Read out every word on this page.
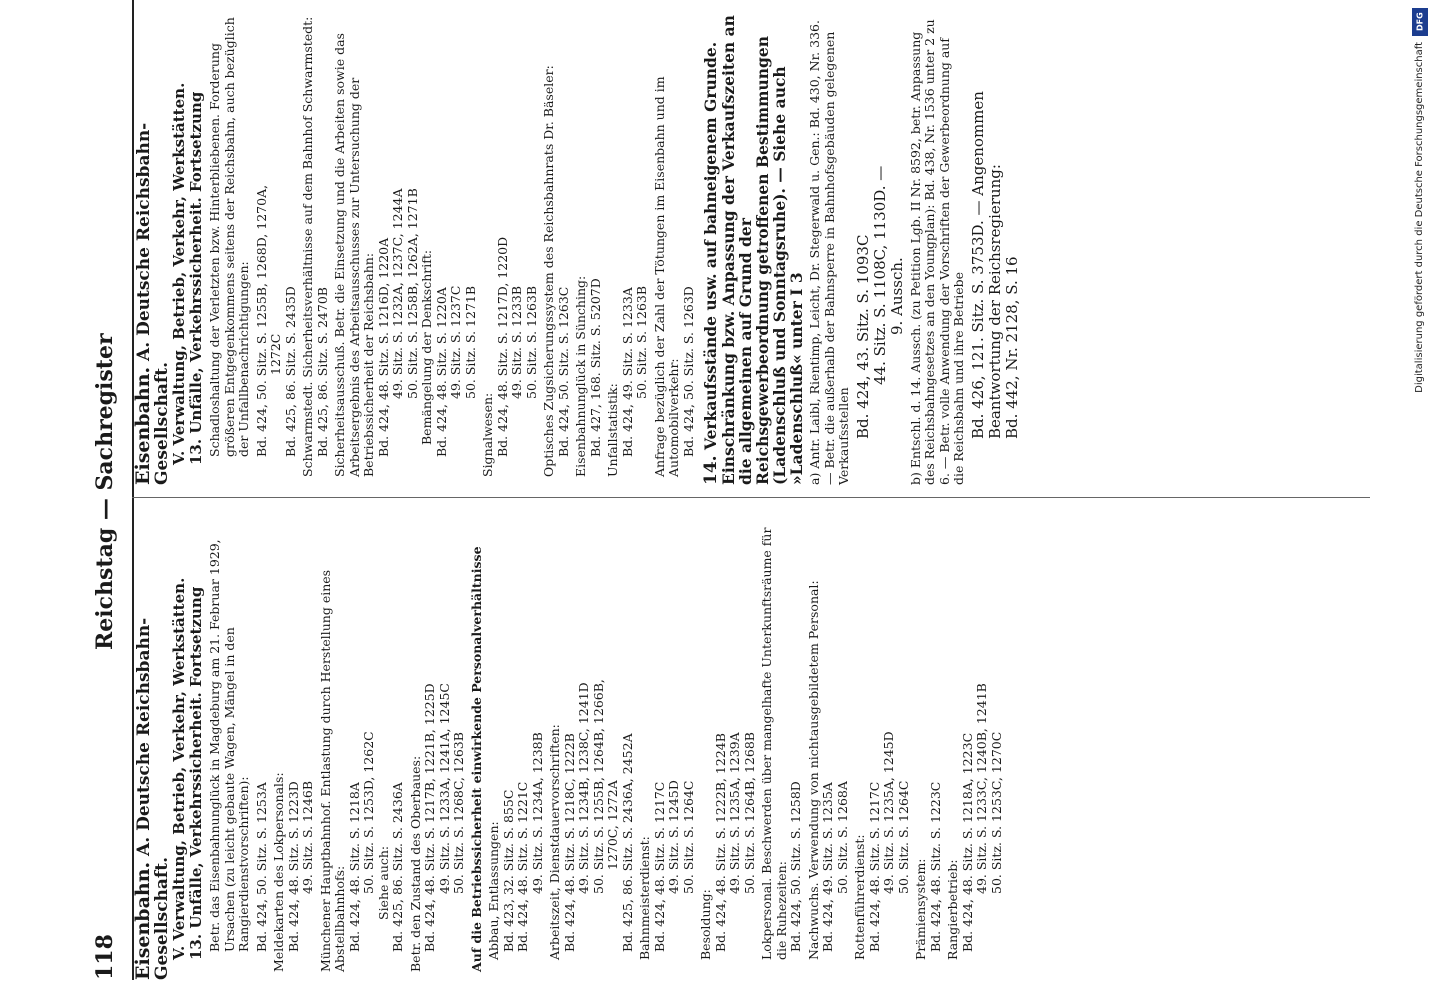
118
Reichstag — Sachregister
Eisenbahn. A. Deutsche Reichsbahn-Gesellschaft.
V. Verwaltung, Betrieb, Verkehr, Werkstätten. 13. Unfälle, Verkehrssicherheit. Fortsetzung Betr. das Eisenbahnunglück in Magdeburg am 21. Februar 1929, Ursachen (zu leicht gebaute Wagen, Mängel in den Rangierdienstvorschriften): Bd. 424, 50. Sitz. S. 1253A Meldekarten des Lokpersonals: Bd. 424, 48. Sitz. S. 1223D 49. Sitz. S. 1246B Münchener Hauptbahnhof. Entlastung durch Herstellung eines Abstellbahnhofs: Bd. 424, 48. Sitz. S. 1218A 50. Sitz. S. 1253D, 1262C Siehe auch: Bd. 425, 86. Sitz. S. 2436A Betr. den Zustand des Oberbaues: Bd. 424, 48. Sitz. S. 1217B, 1221B, 1225D 49. Sitz. S. 1233A, 1241A, 1245C 50. Sitz. S. 1268C, 1263B Auf die Betriebssicherheit einwirkende Personalverhältnisse Abbau, Entlassungen: Bd. 423, 32. Sitz. S. 855C Bd. 424, 48. Sitz. S. 1221C 49. Sitz. S. 1234A, 1238B Arbeitszeit, Dienstdauervorschriften: Bd. 424, 48. Sitz. S. 1218C, 1222B 49. Sitz. S. 1234B, 1238C, 1241D 50. Sitz. S. 1255B, 1264B, 1266B, 1270C, 1272A Bd. 425, 86. Sitz. S. 2436A, 2452A Bahnmeisterdienst: Bd. 424, 48. Sitz. S. 1217C 49. Sitz. S. 1245D 50. Sitz. S. 1264C
Besoldung: Bd. 424, 48. Sitz. S. 1222B, 1224B 49. Sitz. S. 1235A, 1239A 50. Sitz. S. 1264B, 1268B Lokpersonal. Beschwerden über mangelhafte Unterkunftsräume für die Ruhezeiten: Bd. 424, 50. Sitz. S. 1258D Nachwuchs. Verwendung von nichtausgebildetem Personal: Bd. 424, 49. Sitz. S. 1235A 50. Sitz. S. 1268A Rottenführerdienst: Bd. 424, 48. Sitz. S. 1217C 49. Sitz. S. 1235A, 1245D 50. Sitz. S. 1264C
Prämiensystem: Bd. 424, 48. Sitz. S. 1223C Rangierbetrieb: Bd. 424, 48. Sitz. S. 1218A, 1223C 49. Sitz. S. 1233C, 1240B, 1241B 50. Sitz. S. 1253C, 1270C
Eisenbahn. A. Deutsche Reichsbahn-Gesellschaft.
V. Verwaltung, Betrieb, Verkehr, Werkstätten. 13. Unfälle, Verkehrssicherheit. Fortsetzung Schadloshaltung der Verletzten bzw. Hinterbliebenen. Forderung größeren Entgegenkommens seitens der Reichsbahn, auch bezüglich der Unfallbenachrichtigungen: Bd. 424, 50. Sitz. S. 1255B, 1268D, 1270A, 1272C Bd. 425, 86. Sitz. S. 2435D Schwarmstedt. Sicherheitsverhältnisse auf dem Bahnhof Schwarmstedt: Bd. 425, 86. Sitz. S. 2470B Sicherheitsausschuß. Betr. die Einsetzung und die Arbeiten sowie das Arbeitsergebnis des Arbeitsausschusses zur Untersuchung der Betriebssicherheit der Reichsbahn: Bd. 424, 48. Sitz. S. 1216D, 1220A 49. Sitz. S. 1232A, 1237C, 1244A 50. Sitz. S. 1258B, 1262A, 1271B Bemängelung der Denkschrift: Bd. 424, 48. Sitz. S. 1220A 49. Sitz. S. 1237C 50. Sitz. S. 1271B
Signalwesen: Bd. 424, 48. Sitz. S. 1217D, 1220D 49. Sitz. S. 1233B 50. Sitz. S. 1263B Optisches Zugsicherungssystem des Reichsbahnrats Dr. Bäseler: Bd. 424, 50. Sitz. S. 1263C Eisenbahnunglück in Sünching: Bd. 427, 168. Sitz. S. 5207D Unfallstatistik: Bd. 424, 49. Sitz. S. 1233A 50. Sitz. S. 1263B Anfrage bezüglich der Zahl der Tötungen im Eisenbahn und im Automobilverkehr: Bd. 424, 50. Sitz. S. 1263D
14. Verkaufsstände usw. auf bahneigenem Grunde. Einschränkung bzw. Anpassung der Verkaufszeiten an die allgemeinen auf Grund der Reichsgewerbeordnung getroffenen Bestimmungen (Ladenschluß und Sonntagsruhe). — Siehe auch »Ladenschluß« unter I 3 a) Antr. Laibl, Rientimp, Leicht, Dr. Stegerwald u. Gen.: Bd. 430, Nr. 336. — Betr. die außerhalb der Bahnsperre in Bahnhofsgebäuden gelegenen Verkaufsstellen Bd. 424, 43. Sitz. S. 1093C 44. Sitz. S. 1108C, 1130D. — 9. Aussch. b) Entschl. d. 14. Aussch. (zu Petition Lgb. II Nr. 8592, betr. Anpassung des Reichsbahngesetzes an den Youngplan): Bd. 438, Nr. 1536 unter 2 zu 6. — Betr. volle Anwendung der Vorschriften der Gewerbeordnung auf die Reichsbahn und ihre Betriebe Bd. 426, 121. Sitz. S. 3753D. — Angenommen Beantwortung der Reichsregierung: Bd. 442, Nr. 2128, S. 16
DFG
Digitalisierung gefördert durch die Deutsche Forschungsgemeinschaft
